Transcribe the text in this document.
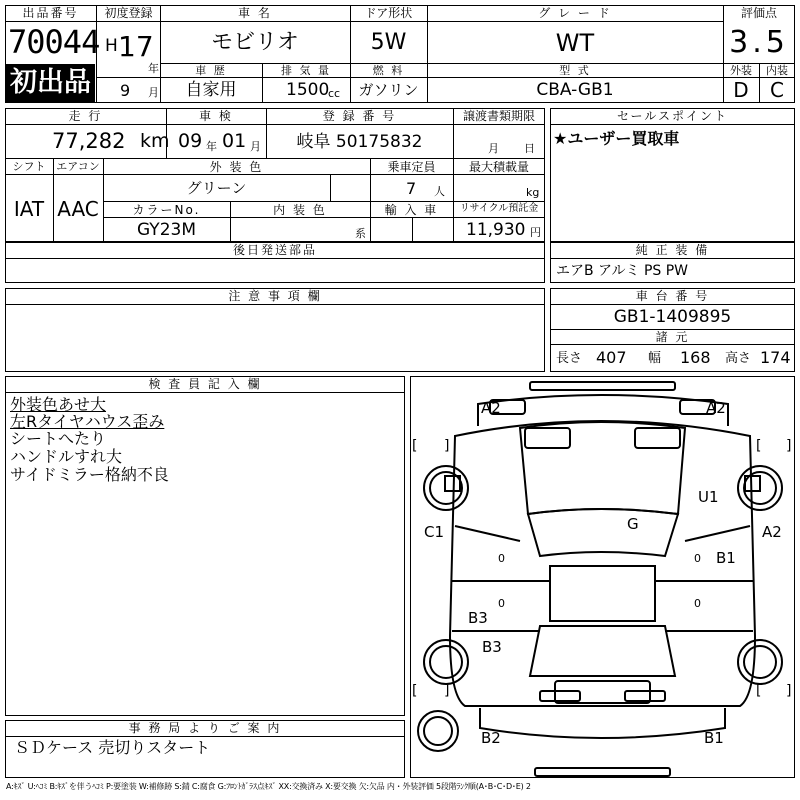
出品番号
70044
初出品
初度登録
H 17
年
9 月
車 名
モビリオ
ドア形状
5W
グ レ ー ド
WT
評価点
3.5
車 歴
自家用
排 気 量
1500
cc
燃 料
ガソリン
型 式
CBA-GB1
外装	内装
D	C
走 行
77,282 km
車 検
09 年 01 月
登 録 番 号
岐阜 50175832
譲渡書類期限
月 日
シフト
IAT
エアコン
AAC
外 装 色
グリーン
乗車定員
7 人
最大積載量
kg
カラーNo.
GY23M
内 装 色
系
輸 入 車	リサイクル預託金
11,930 円
セールスポイント
★ユーザー買取車
後日発送部品	純 正 装 備
エアB アルミ PS PW
注 意 事 項 欄	車 台 番 号
GB1-1409895
諸 元
長さ 407 幅 168 高さ 174
検 査 員 記 入 欄
外装色あせ大
左Rタイヤハウス歪み
シートへたり
ハンドルすれ大
サイドミラー格納不良
事 務 局 よ り ご 案 内
ＳＤケース 売切りスタート
A2	A2
U1
C1	A2
G
B1
B3
B3
B2	B1
[ ]	[ ]
[ ]	[ ]
0
0
0
0
A:ｷｽﾞ U:ﾍｺﾐ B:ｷｽﾞを伴うﾍｺﾐ P:要塗装 W:補修跡 S:錆 C:腐食 G:ﾌﾛﾝﾄｶﾞﾗｽ点ｷｽﾞ XX:交換済み X:要交換 欠:欠品 内・外装評価 5段階ﾗﾝｸ順(A･B･C･D･E) 2
